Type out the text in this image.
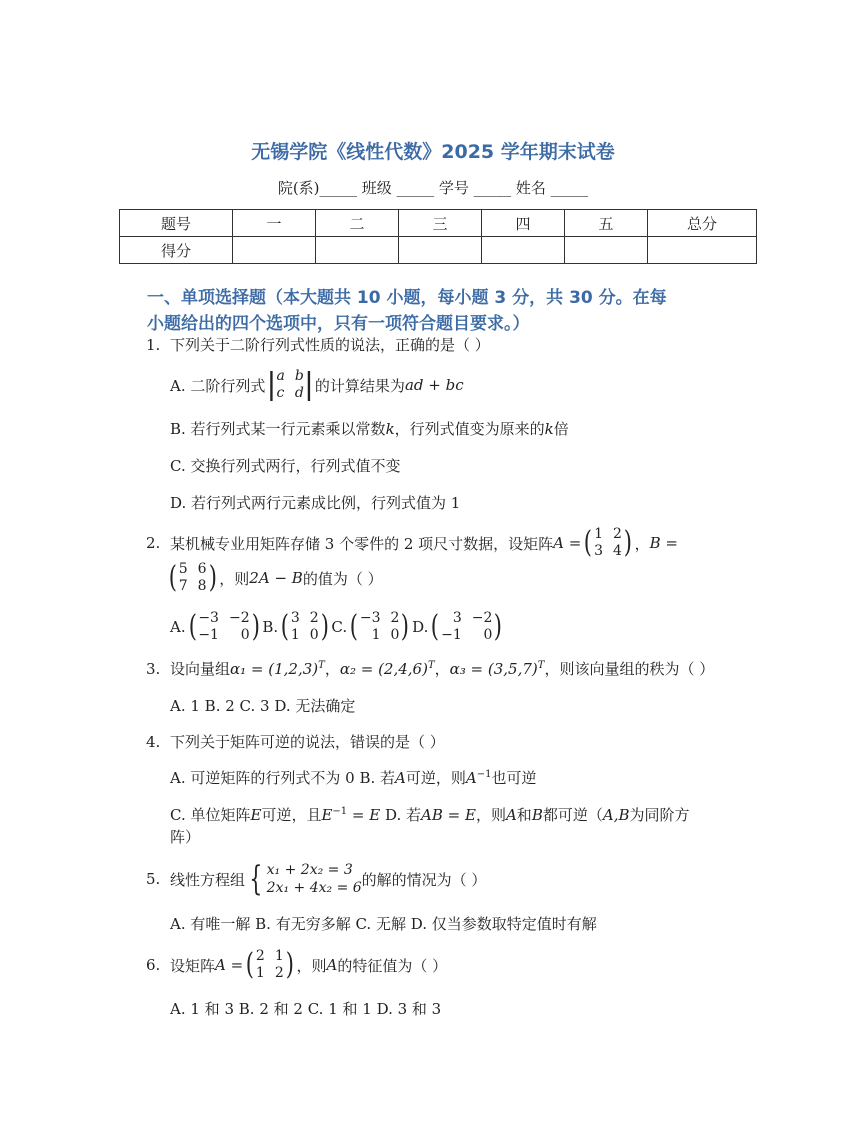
无锡学院《线性代数》2025 学年期末试卷
院(系)_____ 班级 _____ 学号 _____ 姓名 _____
题号	一	二	三	四	五	总分
得分						
一、单项选择题（本大题共 10 小题，每小题 3 分，共 30 分。在每
小题给出的四个选项中，只有一项符合题目要求。）
1. 下列关于二阶行列式性质的说法，正确的是（ ）
A. 二阶行列式 | a b
c d | 的计算结果为 ad + bc
B. 若行列式某一行元素乘以常数k，行列式值变为原来的k倍
C. 交换行列式两行，行列式值不变
D. 若行列式两行元素成比例，行列式值为 1
2. 某机械专业用矩阵存储 3 个零件的 2 项尺寸数据，设矩阵 A = ( 1 2
3 4 ) ， B =
( 5 6
7 8 ) ，则 2A − B 的值为（ ）
A. ( −3 −2
−1	0 ) B. ( 3 2
1 0 ) C. ( −3 2
1 0 ) D. ( 3 −2
−1	0 )
3. 设向量组$\alpha_1 = (1,2,3)^T$，$\alpha_2 = (2,4,6)^T$，$\alpha_3 = (3,5,7)^T$，则该向量组的秩为（ ）
A. 1 B. 2 C. 3 D. 无法确定
4. 下列关于矩阵可逆的说法，错误的是（ ）
A. 可逆矩阵的行列式不为 0 B. 若A可逆，则$A^{-1}$也可逆
C. 单位矩阵E可逆，且$E^{-1} = E$ D. 若AB = E，则A和B都可逆（A,B为同阶方
阵）
5. 线性方程组 { x₁ + 2x₂ = 3
2x₁ + 4x₂ = 6 的解的情况为（ ）
A. 有唯一解 B. 有无穷多解 C. 无解 D. 仅当参数取特定值时有解
6. 设矩阵 A = ( 2 1
1 2 ) ，则 A 的特征值为（ ）
A. 1 和 3 B. 2 和 2 C. 1 和 1 D. 3 和 3
